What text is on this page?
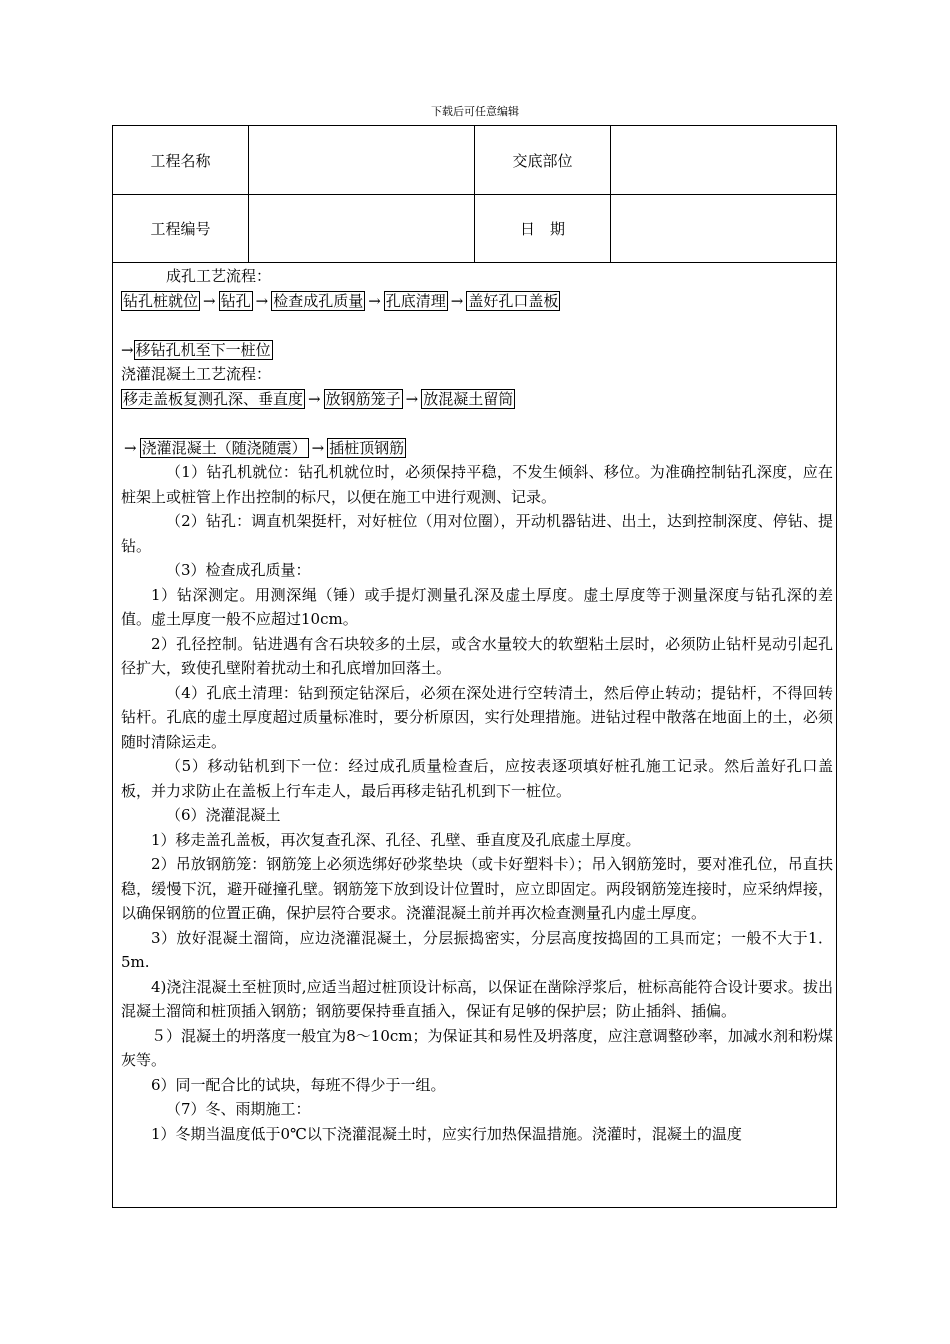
下载后可任意编辑
工程名称	交底部位
工程编号	日　期
成孔工艺流程：
钻孔桩就位 → 钻孔 → 检查成孔质量 → 孔底清理 → 盖好孔口盖板
→ 移钻孔机至下一桩位
浇灌混凝土工艺流程：
移走盖板复测孔深、垂直度 → 放钢筋笼子 → 放混凝土留筒
→ 浇灌混凝土（随浇随震） → 插桩顶钢筋
（1）钻孔机就位：钻孔机就位时，必须保持平稳，不发生倾斜、移位。为准确控制钻孔深度，应在桩架上或桩管上作出控制的标尺，以便在施工中进行观测、记录。
（2）钻孔：调直机架挺杆，对好桩位（用对位圈），开动机器钻进、出土，达到控制深度、停钻、提钻。
（3）检查成孔质量：
1）钻深测定。用测深绳（锤）或手提灯测量孔深及虚土厚度。虚土厚度等于测量深度与钻孔深的差值。虚土厚度一般不应超过10cm。
2）孔径控制。钻进遇有含石块较多的土层，或含水量较大的软塑粘土层时，必须防止钻杆晃动引起孔径扩大，致使孔壁附着扰动土和孔底增加回落土。
（4）孔底土清理：钻到预定钻深后，必须在深处进行空转清土，然后停止转动；提钻杆，不得回转钻杆。孔底的虚土厚度超过质量标准时，要分析原因，实行处理措施。进钻过程中散落在地面上的土，必须随时清除运走。
（5）移动钻机到下一位：经过成孔质量检查后，应按表逐项填好桩孔施工记录。然后盖好孔口盖板，并力求防止在盖板上行车走人，最后再移走钻孔机到下一桩位。
（6）浇灌混凝土
1）移走盖孔盖板，再次复查孔深、孔径、孔壁、垂直度及孔底虚土厚度。
2）吊放钢筋笼：钢筋笼上必须选绑好砂浆垫块（或卡好塑料卡）；吊入钢筋笼时，要对准孔位，吊直扶稳，缓慢下沉，避开碰撞孔壁。钢筋笼下放到设计位置时，应立即固定。两段钢筋笼连接时，应采纳焊接，以确保钢筋的位置正确，保护层符合要求。浇灌混凝土前并再次检查测量孔内虚土厚度。
3）放好混凝土溜筒，应边浇灌混凝土，分层振捣密实，分层高度按捣固的工具而定；一般不大于1．5m.
4)浇注混凝土至桩顶时,应适当超过桩顶设计标高，以保证在凿除浮浆后，桩标高能符合设计要求。拔出混凝土溜筒和桩顶插入钢筋；钢筋要保持垂直插入，保证有足够的保护层；防止插斜、插偏。
５）混凝土的坍落度一般宜为8～10cm；为保证其和易性及坍落度，应注意调整砂率，加减水剂和粉煤灰等。
6）同一配合比的试块，每班不得少于一组。
（7）冬、雨期施工：
1）冬期当温度低于0℃以下浇灌混凝土时，应实行加热保温措施。浇灌时，混凝土的温度
